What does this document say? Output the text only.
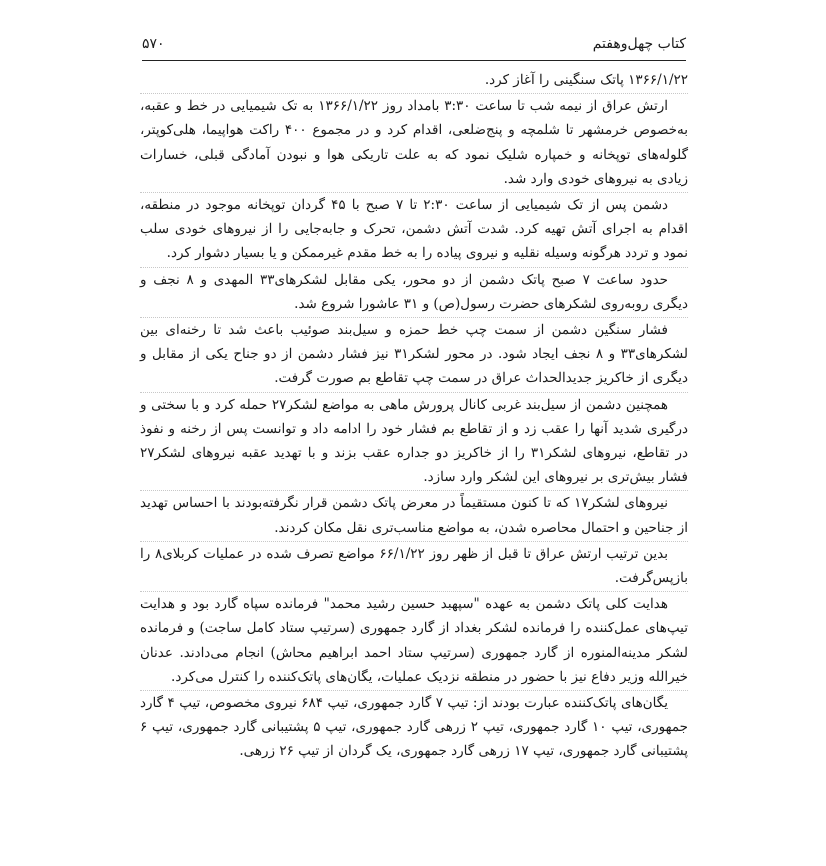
کتاب چهل‌وهفتم
۵۷۰

۱۳۶۶/۱/۲۲ پاتک سنگینی را آغاز کرد.

ارتش عراق از نیمه شب تا ساعت ۳:۳۰ بامداد روز ۱۳۶۶/۱/۲۲ به تک شیمیایی در خط و عقبه، به‌خصوص خرمشهر تا شلمچه و پنج‌ضلعی، اقدام کرد و در مجموع ۴۰۰ راکت هواپیما، هلی‌کوپتر، گلوله‌های توپخانه و خمپاره شلیک نمود که به علت تاریکی هوا و نبودن آمادگی قبلی، خسارات زیادی به نیروهای خودی وارد شد.

دشمن پس از تک شیمیایی از ساعت ۲:۳۰ تا ۷ صبح با ۴۵ گردان توپخانه موجود در منطقه، اقدام به اجرای آتش تهیه کرد. شدت آتش دشمن، تحرک و جابه‌جایی را از نیروهای خودی سلب نمود و تردد هرگونه وسیله نقلیه و نیروی پیاده را به خط مقدم غیرممکن و یا بسیار دشوار کرد.

حدود ساعت ۷ صبح پاتک دشمن از دو محور، یکی مقابل لشکرهای۳۳ المهدی و ۸ نجف و دیگری روبه‌روی لشکرهای حضرت رسول(ص) و ۳۱ عاشورا شروع شد.

فشار سنگین دشمن از سمت چپ خط حمزه و سیل‌بند صوئیب باعث شد تا رخنه‌ای بین لشکرهای۳۳ و ۸ نجف ایجاد شود. در محور لشکر۳۱ نیز فشار دشمن از دو جناح یکی از مقابل و دیگری از خاکریز جدیدالحداث عراق در سمت چپ تقاطع بم صورت گرفت.

همچنین دشمن از سیل‌بند غربی کانال پرورش ماهی به مواضع لشکر۲۷ حمله کرد و با سختی و درگیری شدید آنها را عقب زد و از تقاطع بم فشار خود را ادامه داد و توانست پس از رخنه و نفوذ در تقاطع، نیروهای لشکر۳۱ را از خاکریز دو جداره عقب بزند و با تهدید عقبه نیروهای لشکر۲۷ فشار بیش‌تری بر نیروهای این لشکر وارد سازد.

نیروهای لشکر۱۷ که تا کنون مستقیماً در معرض پاتک دشمن قرار نگرفته‌بودند با احساس تهدید از جناحین و احتمال محاصره شدن، به مواضع مناسب‌تری نقل مکان کردند.

بدین ترتیب ارتش عراق تا قبل از ظهر روز ۶۶/۱/۲۲ مواضع تصرف شده در عملیات کربلای۸ را بازپس‌گرفت.

هدایت کلی پاتک دشمن به عهده "سپهبد حسین رشید محمد" فرمانده سپاه گارد بود و هدایت تیپ‌های عمل‌کننده را فرمانده لشکر بغداد از گارد جمهوری (سرتیپ ستاد کامل ساجت) و فرمانده لشکر مدینه‌المنوره از گارد جمهوری (سرتیپ ستاد احمد ابراهیم محاش) انجام می‌دادند. عدنان خیرالله وزیر دفاع نیز با حضور در منطقه نزدیک عملیات، یگان‌های پاتک‌کننده را کنترل می‌کرد.

یگان‌های پاتک‌کننده عبارت بودند از: تیپ ۷ گارد جمهوری، تیپ ۶۸۴ نیروی مخصوص، تیپ ۴ گارد جمهوری، تیپ ۱۰ گارد جمهوری، تیپ ۲ زرهی گارد جمهوری، تیپ ۵ پشتیبانی گارد جمهوری، تیپ ۶ پشتیبانی گارد جمهوری، تیپ ۱۷ زرهی گارد جمهوری، یک گردان از تیپ ۲۶ زرهی.
